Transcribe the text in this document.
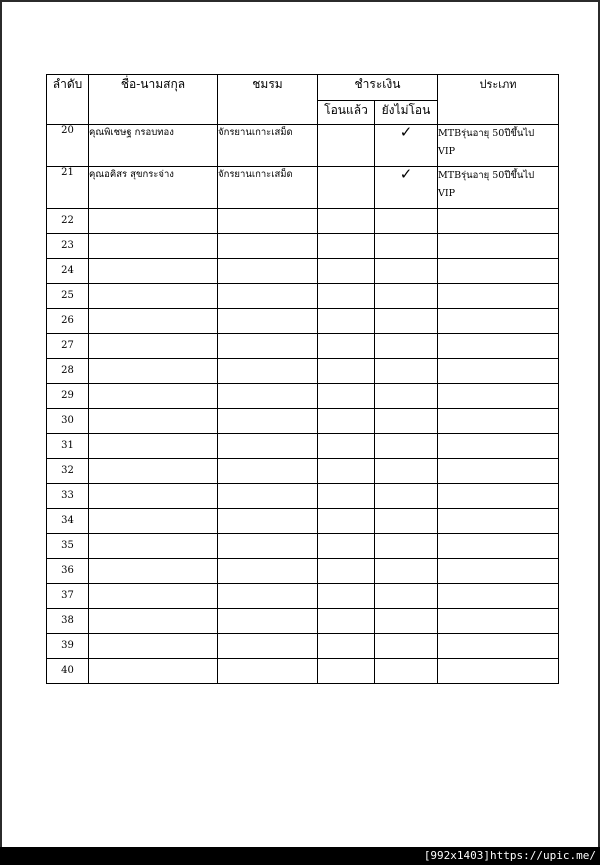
ลำดับ	ชื่อ-นามสกุล	ชมรม	ชำระเงิน		ประเภท
			โอนแล้ว	ยังไม่โอน	
20	คุณพิเชษฐ กรอบทอง	จักรยานเกาะเสม็ด		✓	MTBรุ่นอายุ 50ปีขึ้นไป
VIP

21	คุณอคิสร สุขกระจ่าง	จักรยานเกาะเสม็ด		✓	MTBรุ่นอายุ 50ปีขึ้นไป
VIP

22					
23					
24					
25					
26					
27					
28					
29					
30					
31					
32					
33					
34					
35					
36					
37					
38					
39					
40					
[992x1403]https://upic.me/
